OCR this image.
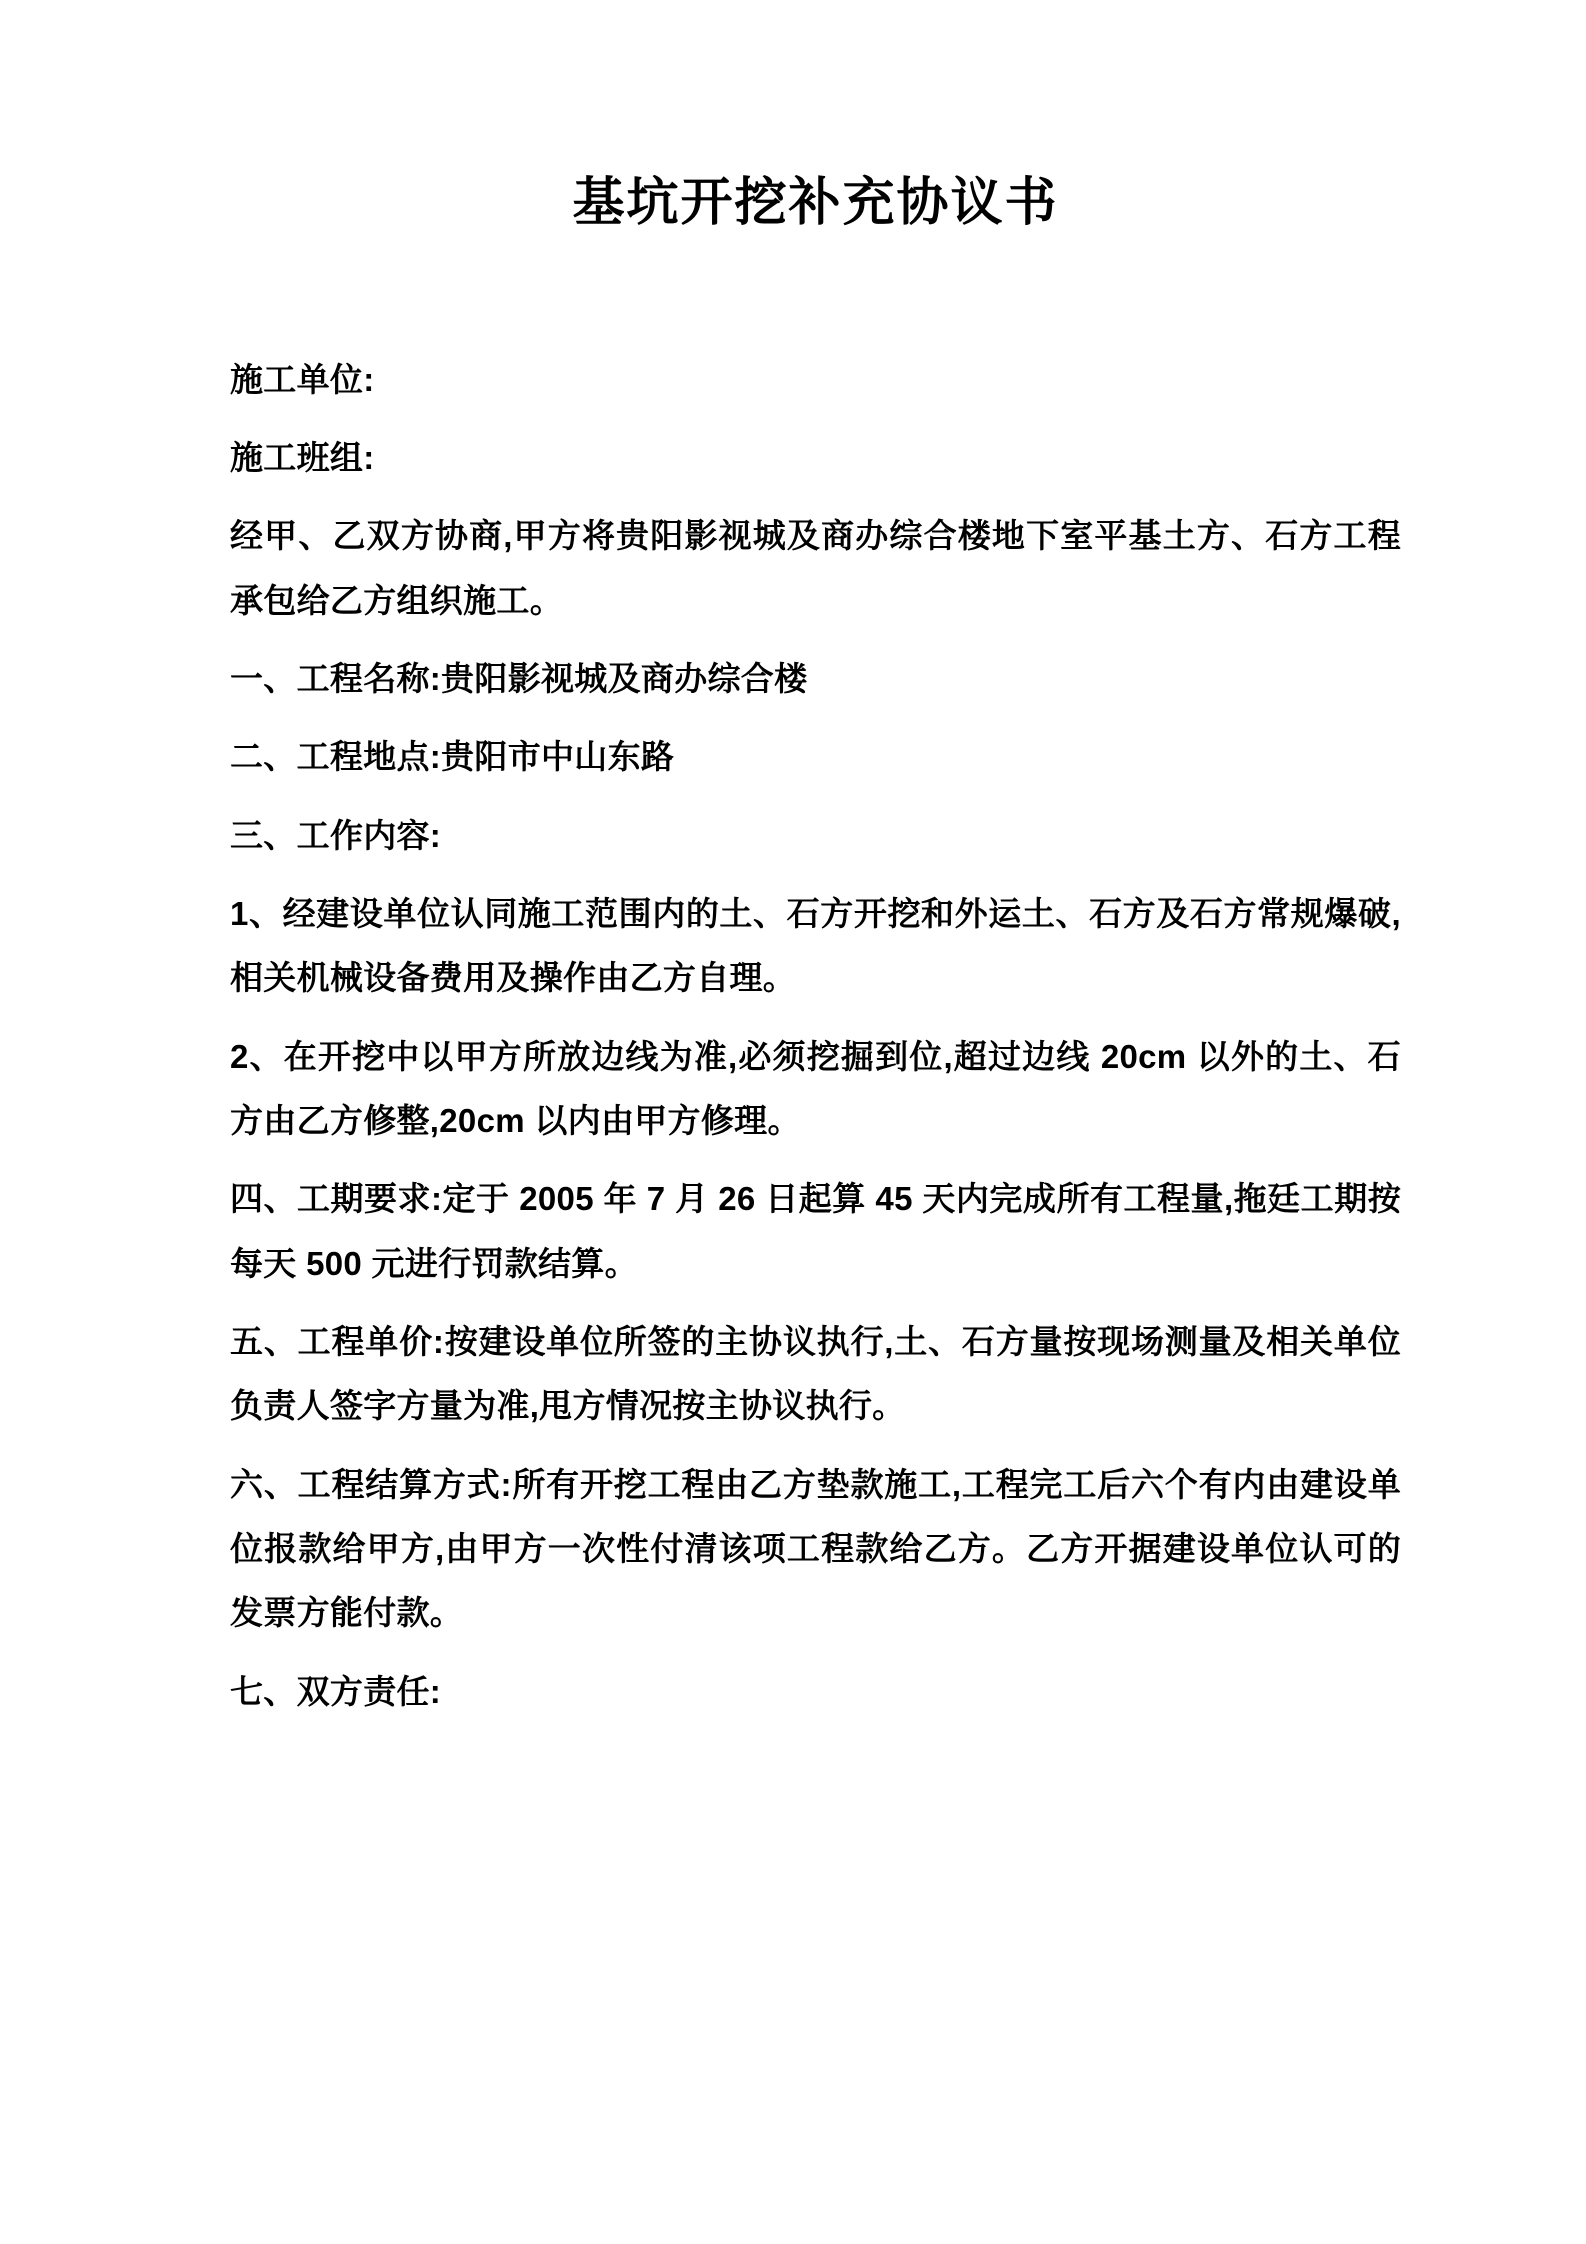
基坑开挖补充协议书

施工单位:

施工班组:

经甲、乙双方协商,甲方将贵阳影视城及商办综合楼地下室平基土方、石方工程承包给乙方组织施工。

一、工程名称:贵阳影视城及商办综合楼

二、工程地点:贵阳市中山东路

三、工作内容:

1、经建设单位认同施工范围内的土、石方开挖和外运土、石方及石方常规爆破,相关机械设备费用及操作由乙方自理。

2、在开挖中以甲方所放边线为准,必须挖掘到位,超过边线 20cm 以外的土、石方由乙方修整,20cm 以内由甲方修理。

四、工期要求:定于 2005 年 7 月 26 日起算 45 天内完成所有工程量,拖廷工期按每天 500 元进行罚款结算。

五、工程单价:按建设单位所签的主协议执行,土、石方量按现场测量及相关单位负责人签字方量为准,甩方情况按主协议执行。

六、工程结算方式:所有开挖工程由乙方垫款施工,工程完工后六个有内由建设单位报款给甲方,由甲方一次性付清该项工程款给乙方。乙方开据建设单位认可的发票方能付款。

七、双方责任:
